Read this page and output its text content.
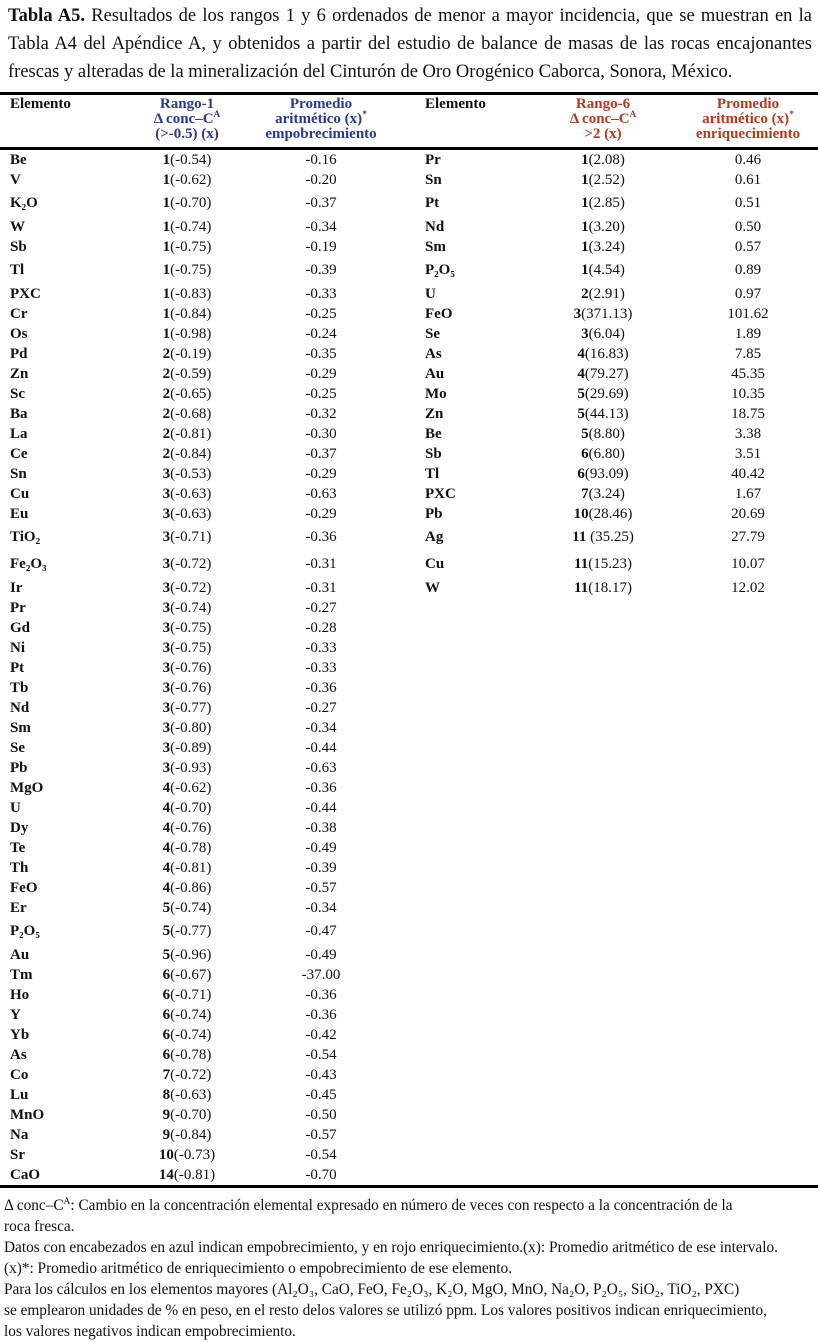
Tabla A5. Resultados de los rangos 1 y 6 ordenados de menor a mayor incidencia, que se muestran en la Tabla A4 del Apéndice A, y obtenidos a partir del estudio de balance de masas de las rocas encajonantes frescas y alteradas de la mineralización del Cinturón de Oro Orogénico Caborca, Sonora, México.

Elemento	Rango-1
Δ conc–$C^A$
(>-0.5) (x)

Promedio
aritmético (x)*
empobrecimiento

Elemento	Rango-6
Δ conc–$C^A$
>2 (x)

Promedio
aritmético (x)*
enriquecimiento

Be	1(-0.54)	-0.16	Pr	1(2.08)	0.46
V	1(-0.62)	-0.20	Sn	1(2.52)	0.61
K₂O	1(-0.70)	-0.37	Pt	1(2.85)	0.51
W	1(-0.74)	-0.34	Nd	1(3.20)	0.50
Sb	1(-0.75)	-0.19	Sm	1(3.24)	0.57
Tl	1(-0.75)	-0.39	P₂O₅	1(4.54)	0.89
PXC	1(-0.83)	-0.33	U	2(2.91)	0.97
Cr	1(-0.84)	-0.25	FeO	3(371.13)	101.62
Os	1(-0.98)	-0.24	Se	3(6.04)	1.89
Pd	2(-0.19)	-0.35	As	4(16.83)	7.85
Zn	2(-0.59)	-0.29	Au	4(79.27)	45.35
Sc	2(-0.65)	-0.25	Mo	5(29.69)	10.35
Ba	2(-0.68)	-0.32	Zn	5(44.13)	18.75
La	2(-0.81)	-0.30	Be	5(8.80)	3.38
Ce	2(-0.84)	-0.37	Sb	6(6.80)	3.51
Sn	3(-0.53)	-0.29	Tl	6(93.09)	40.42
Cu	3(-0.63)	-0.63	PXC	7(3.24)	1.67
Eu	3(-0.63)	-0.29	Pb	10(28.46)	20.69
TiO₂	3(-0.71)	-0.36	Ag	11 (35.25)	27.79
Fe₂O₃	3(-0.72)	-0.31	Cu	11(15.23)	10.07
Ir	3(-0.72)	-0.31	W	11(18.17)	12.02
Pr	3(-0.74)	-0.27			
Gd	3(-0.75)	-0.28			
Ni	3(-0.75)	-0.33			
Pt	3(-0.76)	-0.33			
Tb	3(-0.76)	-0.36			
Nd	3(-0.77)	-0.27			
Sm	3(-0.80)	-0.34			
Se	3(-0.89)	-0.44			
Pb	3(-0.93)	-0.63			
MgO	4(-0.62)	-0.36			
U	4(-0.70)	-0.44			
Dy	4(-0.76)	-0.38			
Te	4(-0.78)	-0.49			
Th	4(-0.81)	-0.39			
FeO	4(-0.86)	-0.57			
Er	5(-0.74)	-0.34			
P₂O₅	5(-0.77)	-0.47			
Au	5(-0.96)	-0.49			
Tm	6(-0.67)	-37.00			
Ho	6(-0.71)	-0.36			
Y	6(-0.74)	-0.36			
Yb	6(-0.74)	-0.42			
As	6(-0.78)	-0.54			
Co	7(-0.72)	-0.43			
Lu	8(-0.63)	-0.45			
MnO	9(-0.70)	-0.50			
Na	9(-0.84)	-0.57			
Sr	10(-0.73)	-0.54			
CaO	14(-0.81)	-0.70			
Δ conc–$C^A$: Cambio en la concentración elemental expresado en número de veces con respecto a la concentración de la
roca fresca.
Datos con encabezados en azul indican empobrecimiento, y en rojo enriquecimiento.(x): Promedio aritmético de ese intervalo.
(x)*: Promedio aritmético de enriquecimiento o empobrecimiento de ese elemento.
Para los cálculos en los elementos mayores (Al₂O₃, CaO, FeO, Fe₂O₃, K₂O, MgO, MnO, Na₂O, P₂O₅, SiO₂, TiO₂, PXC)
se emplearon unidades de % en peso, en el resto delos valores se utilizó ppm. Los valores positivos indican enriquecimiento,
los valores negativos indican empobrecimiento.
